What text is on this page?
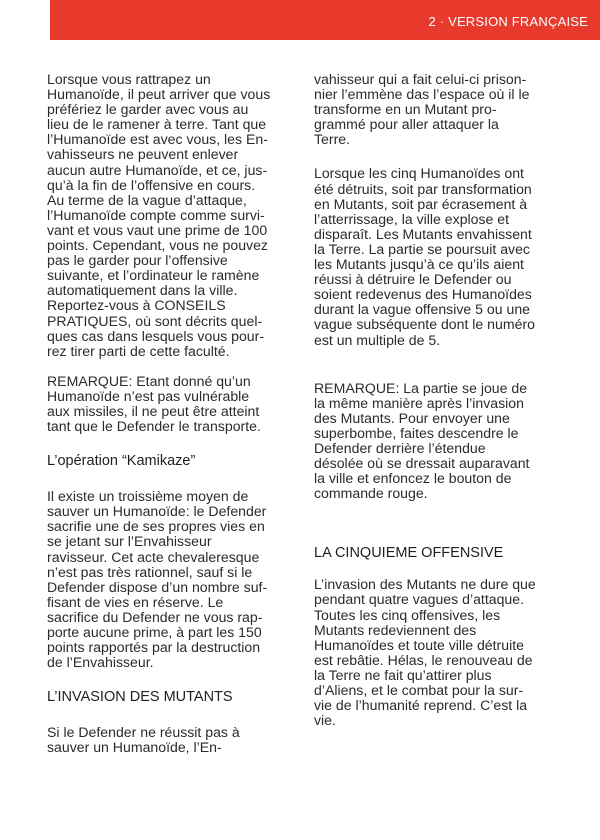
2 · VERSION FRANÇAISE
Lorsque vous rattrapez un
Humanoïde, il peut arriver que vous
préfériez le garder avec vous au
lieu de le ramener à terre. Tant que
l’Humanoïde est avec vous, les En-
vahisseurs ne peuvent enlever
aucun autre Humanoïde, et ce, jus-
qu’à la fin de l’offensive en cours.
Au terme de la vague d’attaque,
l’Humanoïde compte comme survi-
vant et vous vaut une prime de 100
points. Cependant, vous ne pouvez
pas le garder pour l’offensive
suivante, et l’ordinateur le ramène
automatiquement dans la ville.
Reportez-vous à CONSEILS
PRATIQUES, où sont décrits quel-
ques cas dans lesquels vous pour-
rez tirer parti de cette faculté.
REMARQUE: Etant donné qu’un
Humanoïde n’est pas vulnérable
aux missiles, il ne peut être atteint
tant que le Defender le transporte.
L’opération “Kamikaze”
Il existe un troissième moyen de
sauver un Humanoïde: le Defender
sacrifie une de ses propres vies en
se jetant sur l’Envahisseur
ravisseur. Cet acte chevaleresque
n’est pas très rationnel, sauf si le
Defender dispose d’un nombre suf-
fisant de vies en réserve. Le
sacrifice du Defender ne vous rap-
porte aucune prime, à part les 150
points rapportés par la destruction
de l’Envahisseur.
L’INVASION DES MUTANTS
Si le Defender ne réussit pas à
sauver un Humanoïde, l’En-
vahisseur qui a fait celui-ci prison-
nier l’emmène das l’espace où il le
transforme en un Mutant pro-
grammé pour aller attaquer la
Terre.
Lorsque les cinq Humanoïdes ont
été détruits, soit par transformation
en Mutants, soit par écrasement à
l’atterrissage, la ville explose et
disparaît. Les Mutants envahissent
la Terre. La partie se poursuit avec
les Mutants jusqu’à ce qu’ils aient
réussi à détruire le Defender ou
soient redevenus des Humanoïdes
durant la vague offensive 5 ou une
vague subséquente dont le numéro
est un multiple de 5.
REMARQUE: La partie se joue de
la même manière après l’invasion
des Mutants. Pour envoyer une
superbombe, faites descendre le
Defender derrière l’étendue
désolée où se dressait auparavant
la ville et enfoncez le bouton de
commande rouge.
LA CINQUIEME OFFENSIVE
L’invasion des Mutants ne dure que
pendant quatre vagues d’attaque.
Toutes les cinq offensives, les
Mutants redeviennent des
Humanoïdes et toute ville détruite
est rebâtie. Hélas, le renouveau de
la Terre ne fait qu’attirer plus
d’Aliens, et le combat pour la sur-
vie de l’humanité reprend. C’est la
vie.
